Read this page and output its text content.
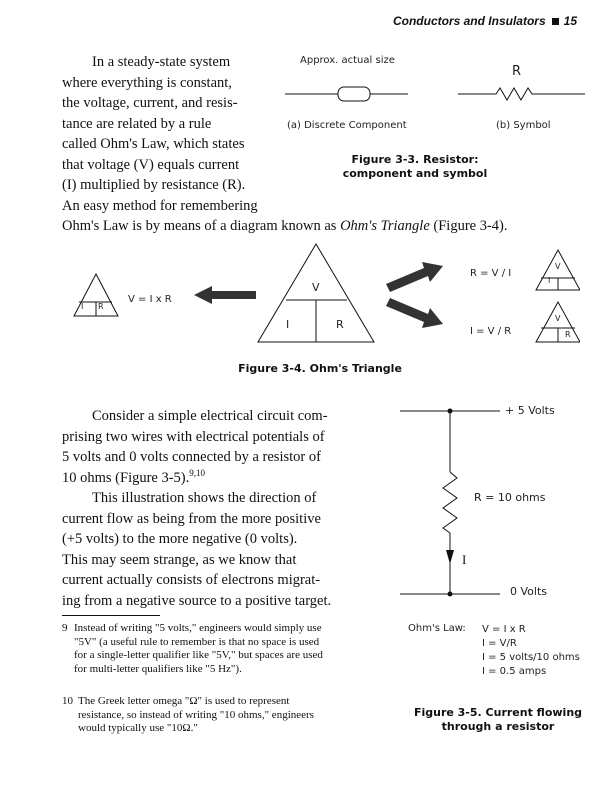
Conductors and Insulators 15
In a steady-state system
where everything is constant,
the voltage, current, and resis-
tance are related by a rule
called Ohm's Law, which states
that voltage (V) equals current
(I) multiplied by resistance (R).
An easy method for remembering
Ohm's Law is by means of a diagram known as Ohm's Triangle (Figure 3-4).
Approx. actual size
R
(a) Discrete Component	(b) Symbol
Figure 3-3. Resistor:
component and symbol
I R
V = I x R
V
I	R
R = V / I
I = V / R
V
I
V
R
Figure 3-4. Ohm's Triangle
Consider a simple electrical circuit com-
prising two wires with electrical potentials of
5 volts and 0 volts connected by a resistor of
10 ohms (Figure 3-5).$^{9,10}$
This illustration shows the direction of
current flow as being from the more positive
(+5 volts) to the more negative (0 volts).
This may seem strange, as we know that
current actually consists of electrons migrat-
ing from a negative source to a positive target.
+ 5 Volts
R = 10 ohms
I
0 Volts
Ohm's Law: V = I x R
I = V/R
I = 5 volts/10 ohms
I = 0.5 amps
Figure 3-5. Current flowing
through a resistor
9 Instead of writing "5 volts," engineers would simply use
"5V" (a useful rule to remember is that no space is used
for a single-letter qualifier like "5V," but spaces are used
for multi-letter qualifiers like "5 Hz").
10 The Greek letter omega "Ω" is used to represent
resistance, so instead of writing "10 ohms," engineers
would typically use "10Ω."
